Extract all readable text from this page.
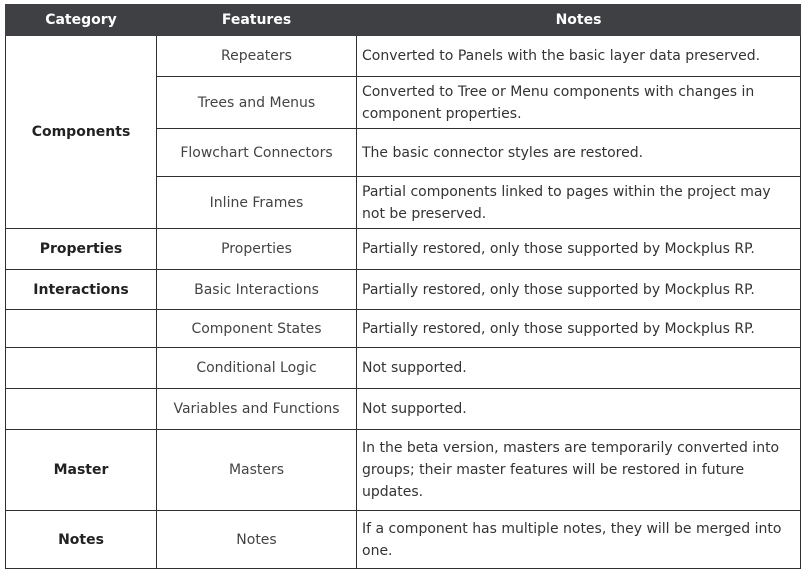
Category	Features	Notes
Components	Repeaters	Converted to Panels with the basic layer data preserved.
	Trees and Menus	Converted to Tree or Menu components with changes in component properties.
	Flowchart Connectors	The basic connector styles are restored.
	Inline Frames	Partial components linked to pages within the project may not be preserved.
Properties	Properties	Partially restored, only those supported by Mockplus RP.
Interactions	Basic Interactions	Partially restored, only those supported by Mockplus RP.
	Component States	Partially restored, only those supported by Mockplus RP.
	Conditional Logic	Not supported.
	Variables and Functions	Not supported.
Master	Masters	In the beta version, masters are temporarily converted into groups; their master features will be restored in future updates.
Notes	Notes	If a component has multiple notes, they will be merged into one.
